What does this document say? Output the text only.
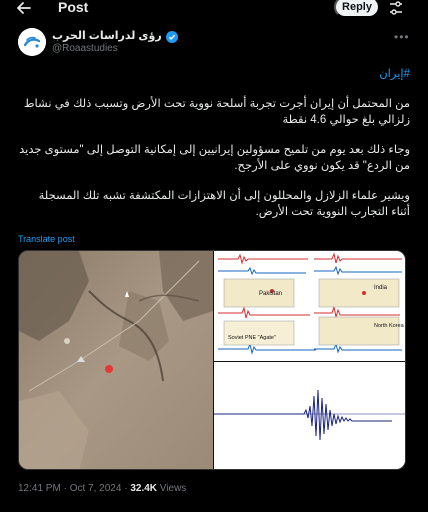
Post	Reply
رؤى لدراسات الحرب
@Roaastudies
•••
#إيران
من المحتمل أن إيران أجرت تجربة أسلحة نووية تحت الأرض وتسبب ذلك في نشاط زلزالي بلغ حوالي 4.6 نقطة
وجاء ذلك بعد يوم من تلميح مسؤولين إيرانيين إلى إمكانية التوصل إلى "مستوى جديد من الردع" قد يكون نووي على الأرجح.
ويشير علماء الزلازل والمحللون إلى أن الاهتزازات المكتشفة تشبه تلك المسجلة أثناء التجارب النووية تحت الأرض.
Translate post
Pakistan
India
North Korea
Soviet PNE "Agate"
12:41 PM · Oct 7, 2024 · 32.4K Views
